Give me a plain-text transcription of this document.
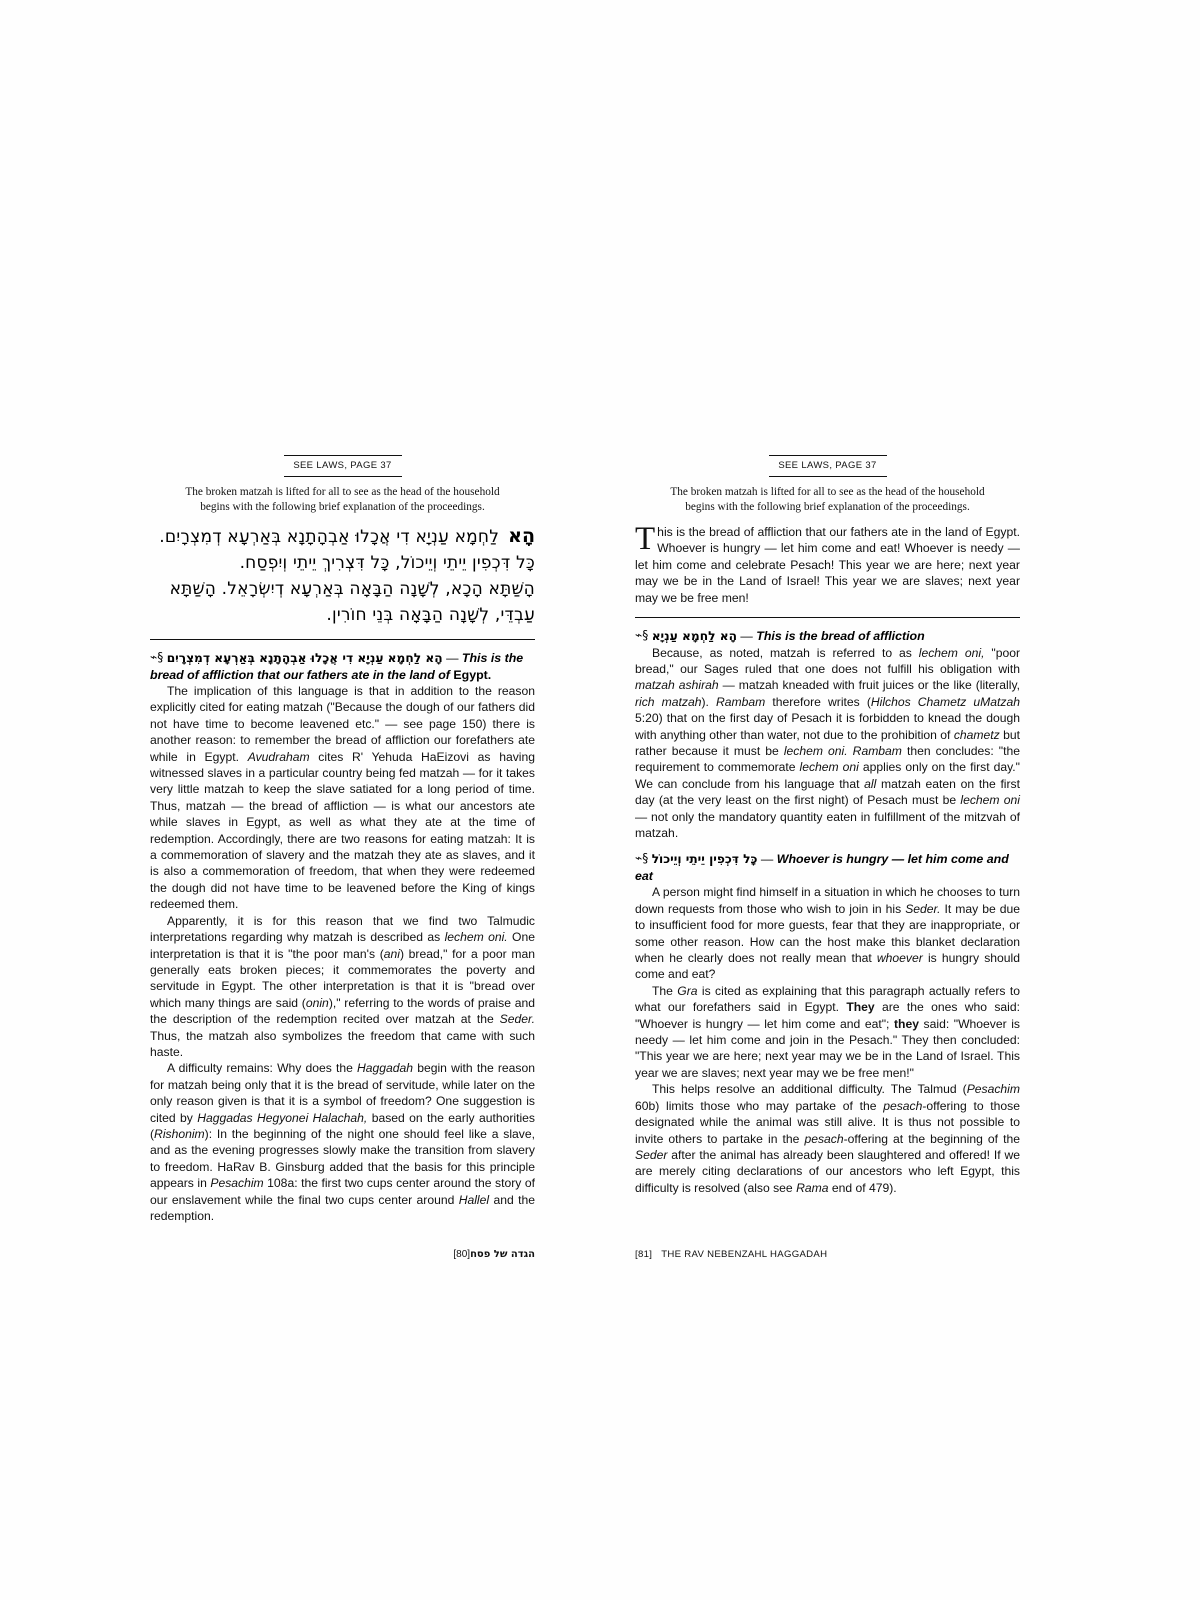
SEE LAWS, PAGE 37
The broken matzah is lifted for all to see as the head of the household
begins with the following brief explanation of the proceedings.
הָאלַחְמָא עַנְיָא דִי אֲכָלוּ אַבְהָתָנָא בְּאַרְעָא דְמִצְרָיִם.
כָּל דִּכְפִין יֵיתֵי וְיֵיכוֹל, כָּל דִּצְרִיךְ יֵיתֵי וְיִפְסַח.
הָשַׁתָּא הָכָא, לְשָׁנָה הַבָּאָה בְּאַרְעָא דְיִשְׂרָאֵל. הָשַׁתָּא
עַבְדֵּי, לְשָׁנָה הַבָּאָה בְּנֵי חוֹרִין.
⌁§ הָא לַחְמָא עַנְיָא דִי אֲכָלוּ אַבְהָתָנָא בְּאַרְעָא דְמִצְרָיִם — This is the bread of affliction that our fathers ate in the land of Egypt.

The implication of this language is that in addition to the reason explicitly cited for eating matzah ("Because the dough of our fathers did not have time to become leavened etc." — see page 150) there is another reason: to remember the bread of affliction our forefathers ate while in Egypt. Avudraham cites R' Yehuda HaEizovi as having witnessed slaves in a particular country being fed matzah — for it takes very little matzah to keep the slave satiated for a long period of time. Thus, matzah — the bread of affliction — is what our ancestors ate while slaves in Egypt, as well as what they ate at the time of redemption. Accordingly, there are two reasons for eating matzah: It is a commemoration of slavery and the matzah they ate as slaves, and it is also a commemoration of freedom, that when they were redeemed the dough did not have time to be leavened before the King of kings redeemed them.

Apparently, it is for this reason that we find two Talmudic interpretations regarding why matzah is described as lechem oni. One interpretation is that it is "the poor man's (ani) bread," for a poor man generally eats broken pieces; it commemorates the poverty and servitude in Egypt. The other interpretation is that it is "bread over which many things are said (onin)," referring to the words of praise and the description of the redemption recited over matzah at the Seder. Thus, the matzah also symbolizes the freedom that came with such haste.

A difficulty remains: Why does the Haggadah begin with the reason for matzah being only that it is the bread of servitude, while later on the only reason given is that it is a symbol of freedom? One suggestion is cited by Haggadas Hegyonei Halachah, based on the early authorities (Rishonim): In the beginning of the night one should feel like a slave, and as the evening progresses slowly make the transition from slavery to freedom. HaRav B. Ginsburg added that the basis for this principle appears in Pesachim 108a: the first two cups center around the story of our enslavement while the final two cups center around Hallel and the redemption.

[80]הגדה של פסח
SEE LAWS, PAGE 37
The broken matzah is lifted for all to see as the head of the household
begins with the following brief explanation of the proceedings.
This is the bread of affliction that our fathers ate in the land of Egypt. Whoever is hungry — let him come and eat! Whoever is needy — let him come and celebrate Pesach! This year we are here; next year may we be in the Land of Israel! This year we are slaves; next year may we be free men!
⌁§ הָא לַחְמָא עַנְיָא — This is the bread of affliction

Because, as noted, matzah is referred to as lechem oni, "poor bread," our Sages ruled that one does not fulfill his obligation with matzah ashirah — matzah kneaded with fruit juices or the like (literally, rich matzah). Rambam therefore writes (Hilchos Chametz uMatzah 5:20) that on the first day of Pesach it is forbidden to knead the dough with anything other than water, not due to the prohibition of chametz but rather because it must be lechem oni. Rambam then concludes: "the requirement to commemorate lechem oni applies only on the first day." We can conclude from his language that all matzah eaten on the first day (at the very least on the first night) of Pesach must be lechem oni — not only the mandatory quantity eaten in fulfillment of the mitzvah of matzah.

⌁§ כָּל דִּכְפִין יֵיתֵי וְיֵיכוֹל — Whoever is hungry — let him come and eat

A person might find himself in a situation in which he chooses to turn down requests from those who wish to join in his Seder. It may be due to insufficient food for more guests, fear that they are inappropriate, or some other reason. How can the host make this blanket declaration when he clearly does not really mean that whoever is hungry should come and eat?

The Gra is cited as explaining that this paragraph actually refers to what our forefathers said in Egypt. They are the ones who said: "Whoever is hungry — let him come and eat"; they said: "Whoever is needy — let him come and join in the Pesach." They then concluded: "This year we are here; next year may we be in the Land of Israel. This year we are slaves; next year may we be free men!"

This helps resolve an additional difficulty. The Talmud (Pesachim 60b) limits those who may partake of the pesach-offering to those designated while the animal was still alive. It is thus not possible to invite others to partake in the pesach-offering at the beginning of the Seder after the animal has already been slaughtered and offered! If we are merely citing declarations of our ancestors who left Egypt, this difficulty is resolved (also see Rama end of 479).

[81] THE RAV NEBENZAHL HAGGADAH
